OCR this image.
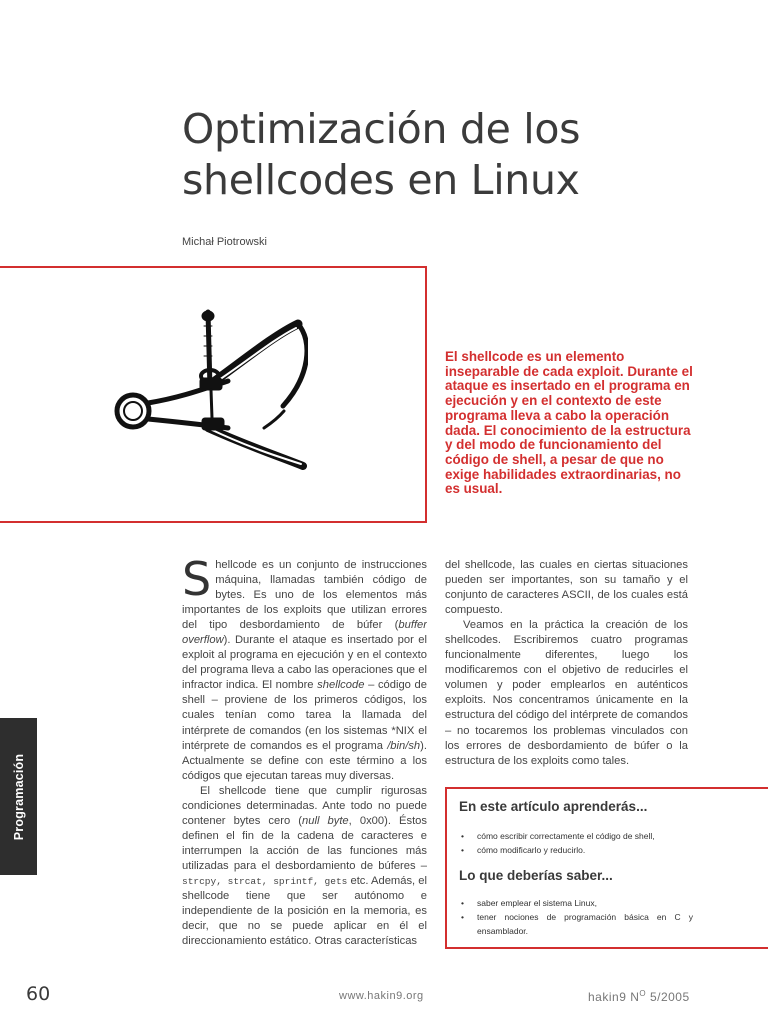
Optimización de los
shellcodes en Linux
Michał Piotrowski

El shellcode es un elemento inseparable de cada exploit. Durante el ataque es insertado en el programa en ejecución y en el contexto de este programa lleva a cabo la operación dada. El conocimiento de la estructura y del modo de funcionamiento del código de shell, a pesar de que no exige habilidades extraordinarias, no es usual.

Shellcode es un conjunto de instrucciones máquina, llamadas también código de bytes. Es uno de los elementos más importantes de los exploits que utilizan errores del tipo desbordamiento de búfer (buffer overflow). Durante el ataque es insertado por el exploit al programa en ejecución y en el contexto del programa lleva a cabo las operaciones que el infractor indica. El nombre shellcode – código de shell – proviene de los primeros códigos, los cuales tenían como tarea la llamada del intérprete de comandos (en los sistemas *NIX el intérprete de comandos es el programa /bin/sh). Actualmente se define con este término a los códigos que ejecutan tareas muy diversas.

El shellcode tiene que cumplir rigurosas condiciones determinadas. Ante todo no puede contener bytes cero (null byte, 0x00). Éstos definen el fin de la cadena de caracteres e interrumpen la acción de las funciones más utilizadas para el desbordamiento de búferes – strcpy, strcat, sprintf, gets etc. Además, el shellcode tiene que ser autónomo e independiente de la posición en la memoria, es decir, que no se puede aplicar en él el direccionamiento estático. Otras características

del shellcode, las cuales en ciertas situaciones pueden ser importantes, son su tamaño y el conjunto de caracteres ASCII, de los cuales está compuesto.

Veamos en la práctica la creación de los shellcodes. Escribiremos cuatro programas funcionalmente diferentes, luego los modificaremos con el objetivo de reducirles el volumen y poder emplearlos en auténticos exploits. Nos concentramos únicamente en la estructura del código del intérprete de comandos – no tocaremos los problemas vinculados con los errores de desbordamiento de búfer o la estructura de los exploits como tales.

En este artículo aprenderás...
• cómo escribir correctamente el código de shell,
• cómo modificarlo y reducirlo.
Lo que deberías saber...
• saber emplear el sistema Linux,
• tener nociones de programación básica en C y ensamblador.
Programación
60	www.hakin9.org	hakin9 $N^O$ 5/2005
